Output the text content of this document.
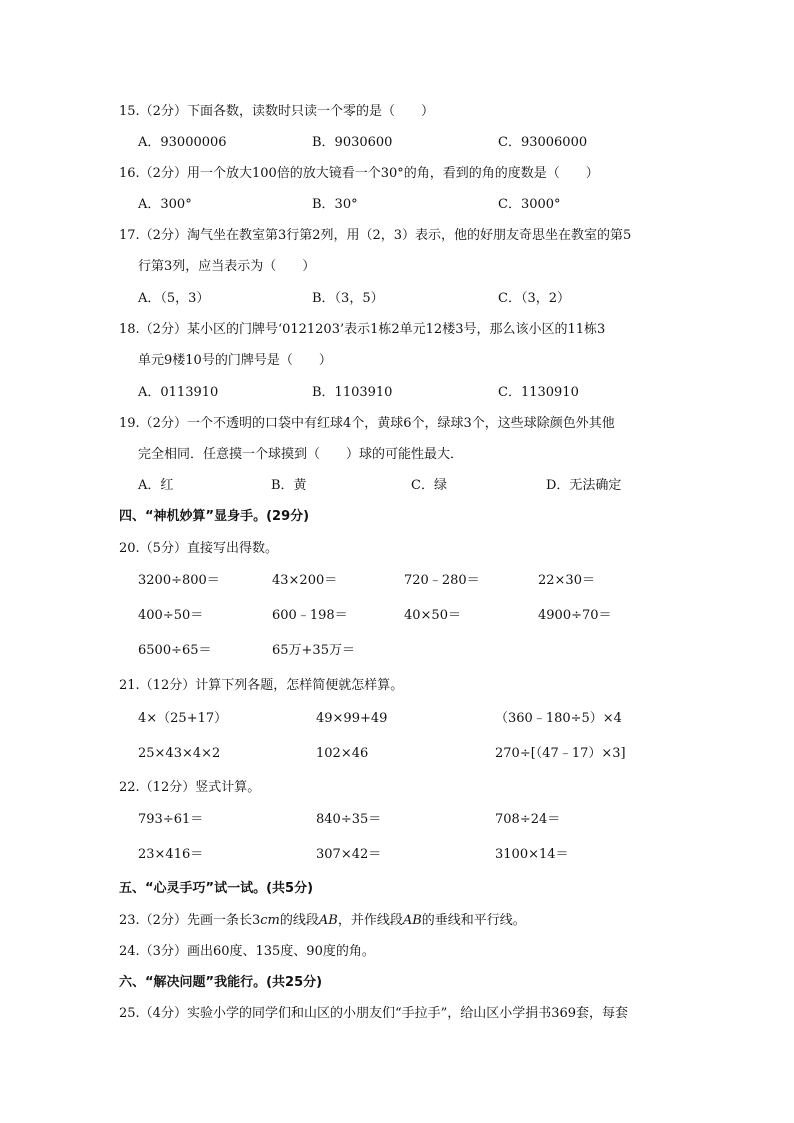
15.（2分）下面各数，读数时只读一个零的是（　　）
A．93000006	B．9030600	C．93006000
16.（2分）用一个放大100倍的放大镜看一个30°的角，看到的角的度数是（　　）
A．300°	B．30°	C．3000°
17.（2分）淘气坐在教室第3行第2列，用（2，3）表示，他的好朋友奇思坐在教室的第5
行第3列，应当表示为（　　）
A．（5，3）	B．（3，5）	C．（3，2）
18.（2分）某小区的门牌号‘0121203’表示1栋2单元12楼3号，那么该小区的11栋3
单元9楼10号的门牌号是（　　）
A．0113910	B．1103910	C．1130910
19.（2分）一个不透明的口袋中有红球4个，黄球6个，绿球3个，这些球除颜色外其他
完全相同．任意摸一个球摸到（　　）球的可能性最大．
A．红	B．黄	C．绿	D．无法确定
四、“神机妙算”显身手。(29分)
20.（5分）直接写出得数。
3200÷800＝	43×200＝	720﹣280＝	22×30＝
400÷50＝	600﹣198＝	40×50＝	4900÷70＝
6500÷65＝	65万+35万＝
21.（12分）计算下列各题，怎样简便就怎样算。
4×（25+17）	49×99+49	（360﹣180÷5）×4
25×43×4×2	102×46	270÷[（47﹣17）×3]
22.（12分）竖式计算。
793÷61＝	840÷35＝	708÷24＝
23×416＝	307×42＝	3100×14＝
五、“心灵手巧”试一试。(共5分)
23.（2分）先画一条长3cm的线段AB，并作线段AB的垂线和平行线。
24.（3分）画出60度、135度、90度的角。
六、“解决问题”我能行。(共25分)
25.（4分）实验小学的同学们和山区的小朋友们“手拉手”，给山区小学捐书369套，每套
